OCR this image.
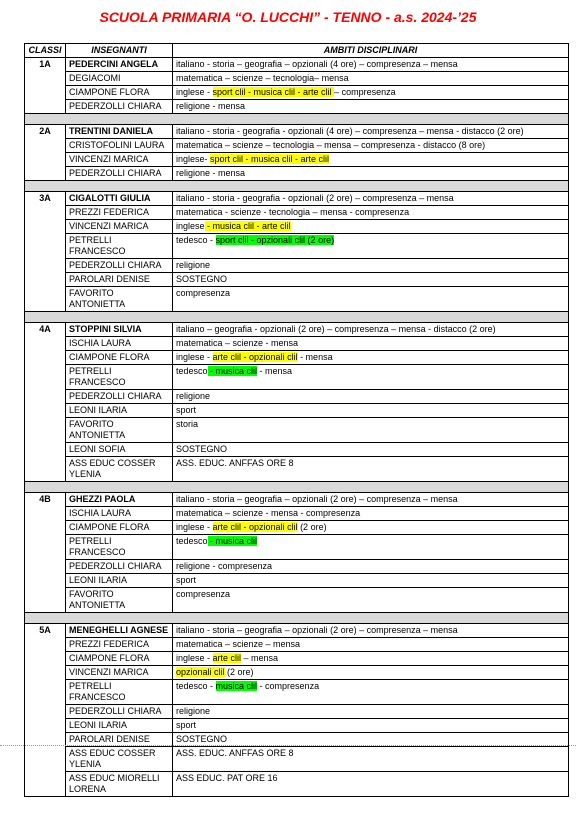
SCUOLA PRIMARIA “O. LUCCHI” - TENNO - a.s. 2024-’25
CLASSI	INSEGNANTI	AMBITI DISCIPLINARI
1A	PEDERCINI ANGELA	italiano - storia – geografia – opzionali (4 ore) – compresenza – mensa
	DEGIACOMI	matematica – scienze – tecnologia– mensa
	CIAMPONE FLORA	inglese - sport clil - musica clil - arte clil – compresenza
	PEDERZOLLI CHIARA	religione - mensa

2A	TRENTINI DANIELA	italiano - storia - geografia - opzionali (4 ore) – compresenza – mensa - distacco (2 ore)
	CRISTOFOLINI LAURA	matematica – scienze – tecnologia – mensa – compresenza - distacco (8 ore)
	VINCENZI MARICA	inglese- sport clil - musica clil - arte clil
	PEDERZOLLI CHIARA	religione - mensa

3A	CIGALOTTI GIULIA	italiano - storia - geografia - opzionali (2 ore) – compresenza – mensa
	PREZZI FEDERICA	matematica - scienze - tecnologia – mensa - compresenza
	VINCENZI MARICA	inglese - musica clil - arte clil
	PETRELLI FRANCESCO	tedesco - sport clil - opzionali clil (2 ore)
	PEDERZOLLI CHIARA	religione
	PAROLARI DENISE	SOSTEGNO
	FAVORITO ANTONIETTA	compresenza

4A	STOPPINI SILVIA	italiano – geografia - opzionali (2 ore) – compresenza – mensa - distacco (2 ore)
	ISCHIA LAURA	matematica – scienze - mensa
	CIAMPONE FLORA	inglese - arte clil - opzionali clil - mensa
	PETRELLI FRANCESCO	tedesco - musica clil - mensa
	PEDERZOLLI CHIARA	religione
	LEONI ILARIA	sport
	FAVORITO ANTONIETTA	storia
	LEONI SOFIA	SOSTEGNO
	ASS EDUC COSSER YLENIA	ASS. EDUC. ANFFAS ORE 8

4B	GHEZZI PAOLA	italiano - storia – geografia – opzionali (2 ore) – compresenza – mensa
	ISCHIA LAURA	matematica – scienze - mensa - compresenza
	CIAMPONE FLORA	inglese - arte clil - opzionali clil (2 ore)
	PETRELLI FRANCESCO	tedesco - musica clil
	PEDERZOLLI CHIARA	religione - compresenza
	LEONI ILARIA	sport
	FAVORITO ANTONIETTA	compresenza

5A	MENEGHELLI AGNESE	italiano - storia – geografia – opzionali (2 ore) – compresenza – mensa
	PREZZI FEDERICA	matematica – scienze – mensa
	CIAMPONE FLORA	inglese - arte clil – mensa
	VINCENZI MARICA	opzionali clil (2 ore)
	PETRELLI FRANCESCO	tedesco - musica clil - compresenza
	PEDERZOLLI CHIARA	religione
	LEONI ILARIA	sport
	PAROLARI DENISE	SOSTEGNO
	ASS EDUC COSSER YLENIA	ASS. EDUC. ANFFAS ORE 8
	ASS EDUC MIORELLI LORENA	ASS EDUC. PAT ORE 16
